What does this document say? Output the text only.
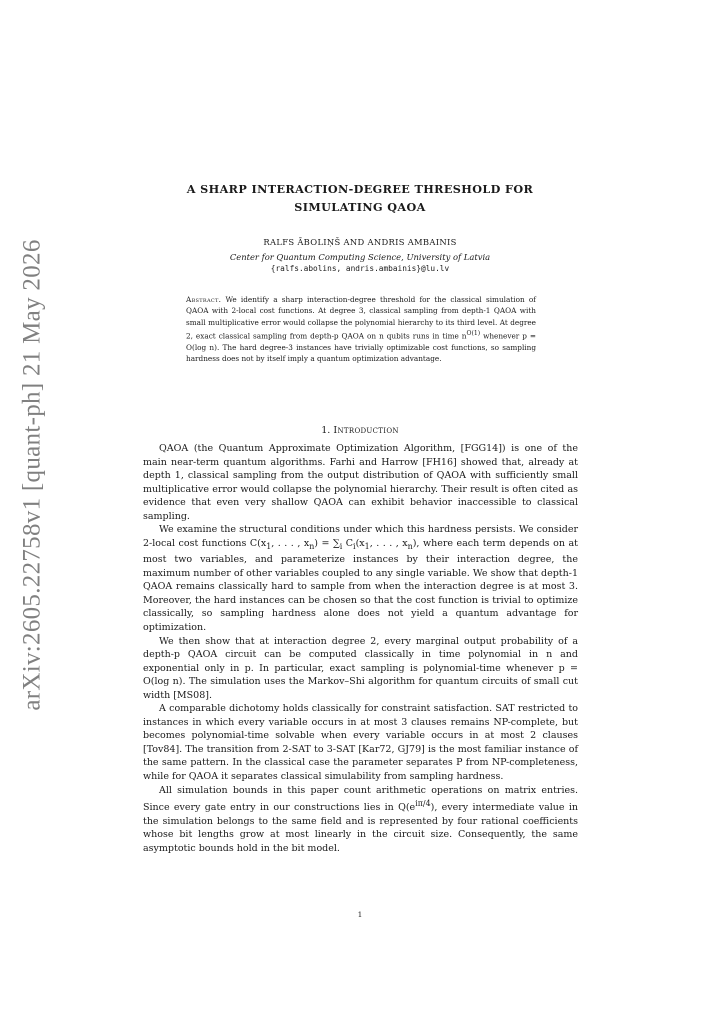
arXiv:2605.22758v1 [quant-ph] 21 May 2026
A SHARP INTERACTION-DEGREE THRESHOLD FOR
SIMULATING QAOA
RALFS ĀBOLIŅŠ AND ANDRIS AMBAINIS
Center for Quantum Computing Science, University of Latvia
{ralfs.abolins, andris.ambainis}@lu.lv
Abstract. We identify a sharp interaction-degree threshold for the classical simulation of QAOA with 2-local cost functions. At degree 3, classical sampling from depth-1 QAOA with small multiplicative error would collapse the polynomial hierarchy to its third level. At degree 2, exact classical sampling from depth-p QAOA on n qubits runs in time $n^{O(1)}$ whenever p = O(log n). The hard degree-3 instances have trivially optimizable cost functions, so sampling hardness does not by itself imply a quantum optimization advantage.
1. Introduction

QAOA (the Quantum Approximate Optimization Algorithm, [FGG14]) is one of the main near-term quantum algorithms. Farhi and Harrow [FH16] showed that, already at depth 1, classical sampling from the output distribution of QAOA with sufficiently small multiplicative error would collapse the polynomial hierarchy. Their result is often cited as evidence that even very shallow QAOA can exhibit behavior inaccessible to classical sampling.

We examine the structural conditions under which this hardness persists. We consider 2-local cost functions $C(x_1$, . . . , $x_n) = \sum_i$ $C_i(x_1$, . . . , $x_n$), where each term depends on at most two variables, and parameterize instances by their interaction degree, the maximum number of other variables coupled to any single variable. We show that depth-1 QAOA remains classically hard to sample from when the interaction degree is at most 3. Moreover, the hard instances can be chosen so that the cost function is trivial to optimize classically, so sampling hardness alone does not yield a quantum advantage for optimization.

We then show that at interaction degree 2, every marginal output probability of a depth-p QAOA circuit can be computed classically in time polynomial in n and exponential only in p. In particular, exact sampling is polynomial-time whenever p = O(log n). The simulation uses the Markov–Shi algorithm for quantum circuits of small cut width [MS08].

A comparable dichotomy holds classically for constraint satisfaction. SAT restricted to instances in which every variable occurs in at most 3 clauses remains NP-complete, but becomes polynomial-time solvable when every variable occurs in at most 2 clauses [Tov84]. The transition from 2-SAT to 3-SAT [Kar72, GJ79] is the most familiar instance of the same pattern. In the classical case the parameter separates P from NP-completeness, while for QAOA it separates classical simulability from sampling hardness.

All simulation bounds in this paper count arithmetic operations on matrix entries. Since every gate entry in our constructions lies in $Q(e^{i\pi/4})$, every intermediate value in the simulation belongs to the same field and is represented by four rational coefficients whose bit lengths grow at most linearly in the circuit size. Consequently, the same asymptotic bounds hold in the bit model.

1
